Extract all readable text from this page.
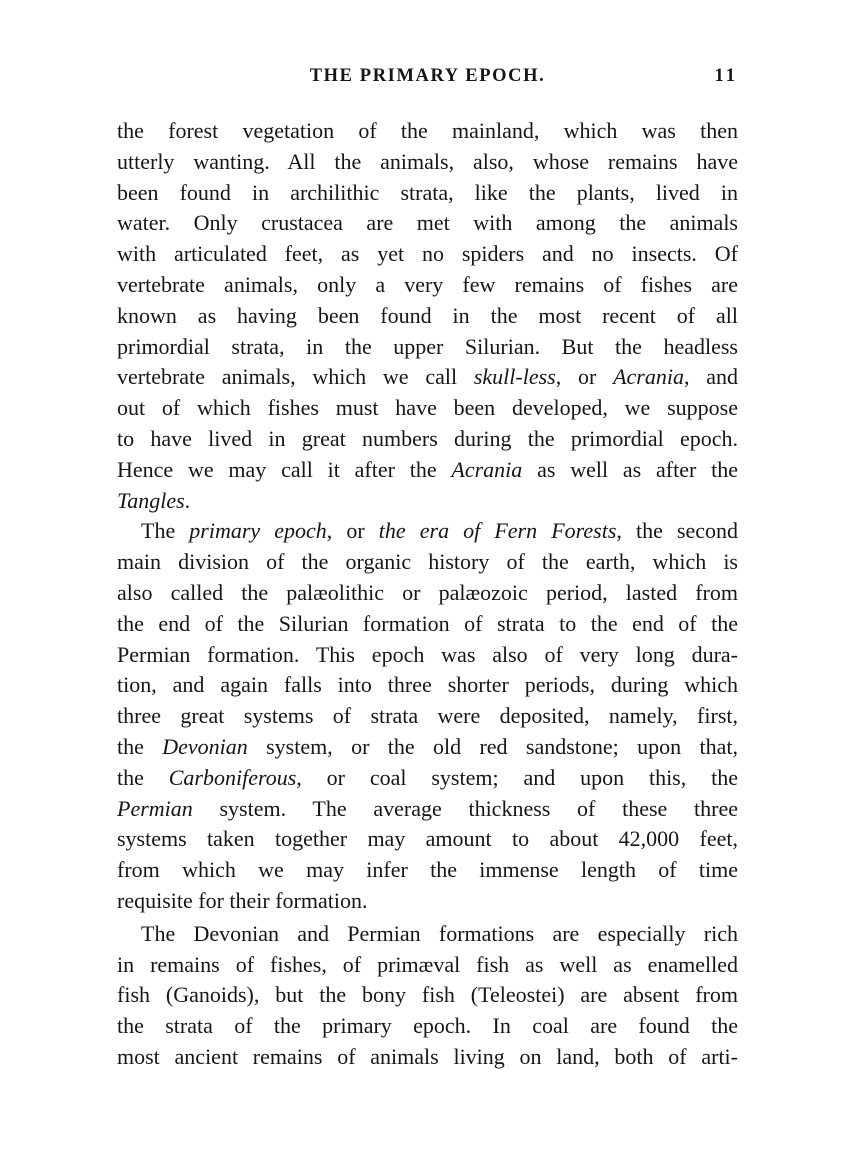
THE PRIMARY EPOCH.	11
the forest vegetation of the mainland, which was then
utterly wanting. All the animals, also, whose remains have
been found in archilithic strata, like the plants, lived in
water. Only crustacea are met with among the animals
with articulated feet, as yet no spiders and no insects. Of
vertebrate animals, only a very few remains of fishes are
known as having been found in the most recent of all
primordial strata, in the upper Silurian. But the headless
vertebrate animals, which we call skull-less, or Acrania, and
out of which fishes must have been developed, we suppose
to have lived in great numbers during the primordial epoch.
Hence we may call it after the Acrania as well as after the
Tangles.
The primary epoch, or the era of Fern Forests, the second
main division of the organic history of the earth, which is
also called the palæolithic or palæozoic period, lasted from
the end of the Silurian formation of strata to the end of the
Permian formation. This epoch was also of very long dura-
tion, and again falls into three shorter periods, during which
three great systems of strata were deposited, namely, first,
the Devonian system, or the old red sandstone; upon that,
the Carboniferous, or coal system; and upon this, the
Permian system. The average thickness of these three
systems taken together may amount to about 42,000 feet,
from which we may infer the immense length of time
requisite for their formation.
The Devonian and Permian formations are especially rich
in remains of fishes, of primæval fish as well as enamelled
fish (Ganoids), but the bony fish (Teleostei) are absent from
the strata of the primary epoch. In coal are found the
most ancient remains of animals living on land, both of arti-
